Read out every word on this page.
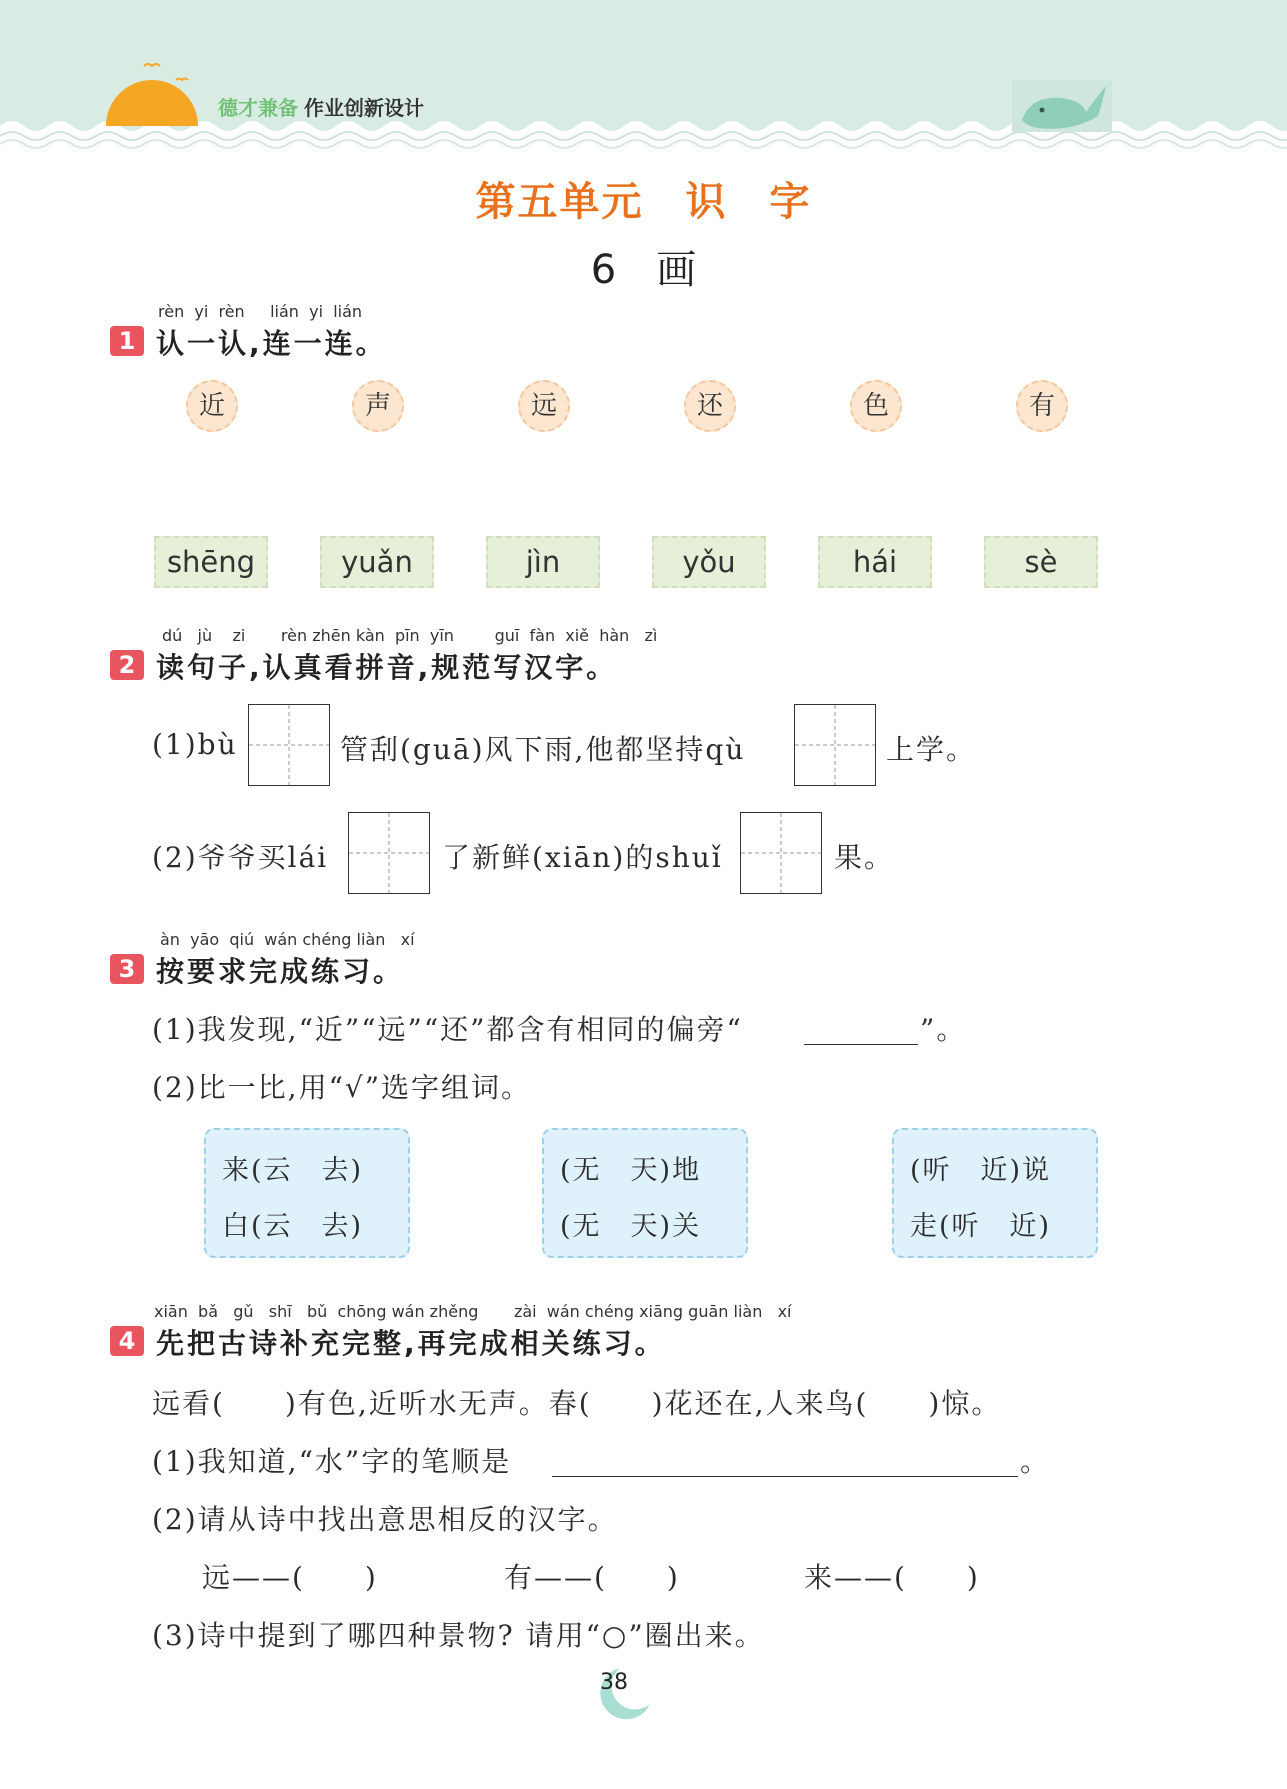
德才兼备 作业创新设计
第五单元　识　字
6　画
rèn  yi  rèn     lián  yi  lián
1 认一认,连一连。
近	声	远	还	色	有
shēng	yuǎn	jìn	yǒu	hái	sè
dú   jù    zi       rèn zhēn kàn  pīn  yīn        guī  fàn  xiě  hàn   zì
2 读句子,认真看拼音,规范写汉字。
(1)bù	管刮(guā)风下雨,他都坚持qù	上学。
(2)爷爷买lái	了新鲜(xiān)的shuǐ	果。
àn  yāo  qiú  wán chéng liàn   xí
3 按要求完成练习。
(1)我发现,“近”“远”“还”都含有相同的偏旁“	”。
(2)比一比,用“√”选字组词。
来(云　去)
白(云　去)
(无　天)地
(无　天)关
(听　近)说
走(听　近)
xiān  bǎ   gǔ   shī   bǔ  chōng wán zhěng       zài  wán chéng xiāng guān liàn   xí
4 先把古诗补充完整,再完成相关练习。
远看(　　)有色,近听水无声。春(　　)花还在,人来鸟(　　)惊。
(1)我知道,“水”字的笔顺是	。
(2)请从诗中找出意思相反的汉字。
远——(　　)	有——(　　)	来——(　　)
(3)诗中提到了哪四种景物? 请用“○”圈出来。
38
